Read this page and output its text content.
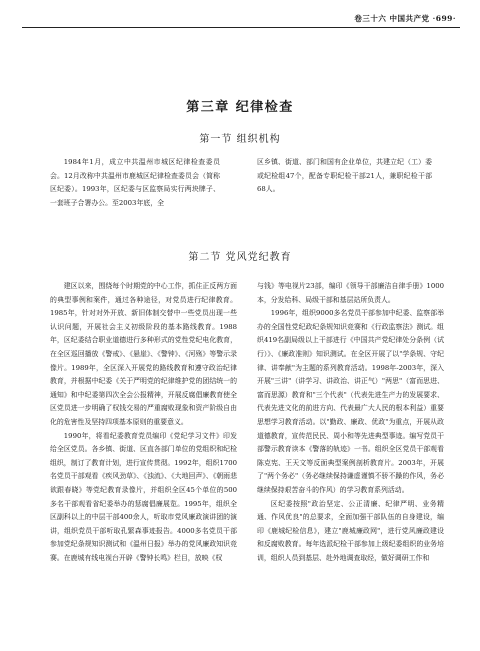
卷三十六 中国共产党 ·699·
第三章 纪律检查
第一节 组织机构

1984年1月，成立中共温州市城区纪律检查委员会。12月改称中共温州市鹿城区纪律检查委员会（简称区纪委）。1993年，区纪委与区监察局实行两块牌子、一套班子合署办公。至2003年底，全

区乡镇、街道、部门和国有企业单位，共建立纪（工）委或纪检组47个，配备专职纪检干部21人，兼职纪检干部68人。

第二节 党风党纪教育

建区以来，围绕每个时期党的中心工作，抓住正反两方面的典型事例和案件，通过各种途径，对党员进行纪律教育。1985年，针对对外开放、新旧体制交替中一些党员出现一些认识问题，开展社会主义初级阶段的基本路线教育。1988年，区纪委结合职业道德进行多种形式的党性党纪电化教育，在全区巡回播放《警戒》、《悬崖》、《警钟》、《河殇》等警示录像片。1989年，全区深入开展党的路线教育和遵守政治纪律教育，并根据中纪委《关于严明党的纪律维护党的团结统一的通知》和中纪委第四次全会公报精神，开展反腐倡廉教育使全区党员进一步明确了权钱交易的严重腐败现象和资产阶级自由化的危害性及坚持四项基本原则的重要意义。

1990年，将看纪委教育党员编印《党纪学习文件》印发给全区党员。各乡镇、街道、区直各部门单位的党组织和纪检组织，制订了教育计划，进行宣传贯彻。1992年，组织1700名党员干部观看《疾风劲草》、《浊流》、《大地回声》、《朝雨悲欲跟春晓》等党纪教育录像片，并组织全区45个单位的500多名干部观看省纪委举办的惩腐倡廉展览。1995年，组织全区副科以上的中层干部400余人，听取市党风廉政演讲团的演讲，组织党员干部听取孔繁森事迹报告。4000多名党员干部参加党纪条规知识测试和《温州日报》举办的党风廉政知识竞赛。在鹿城有线电视台开辟《警钟长鸣》栏目，放映《权

与钱》等电视片23部，编印《领导干部廉洁自律手册》1000本，分发给科、局级干部和基层站所负责人。

1996年，组织9000多名党员干部参加中纪委、监察部举办的全国性党纪政纪条规知识竞赛和《行政监察法》测试。组织419名副局级以上干部进行《中国共产党纪律处分条例（试行）》、《廉政准则》知识测试。在全区开展了以"学条规、守纪律、讲奉献"为主题的系列教育活动。1998年-2003年，深入开展"三讲"（讲学习、讲政治、讲正气）"两思"（富而思进、富而思源）教育和"三个代表"（代表先进生产力的发展要求、代表先进文化的前进方向、代表最广大人民的根本利益）重要思想学习教育活动。以"勤政、廉政、优政"为重点，开展从政道德教育，宣传范民民、周小和等先进典型事迹。编写党员干部警示教育读本《警落的轨迹》一书。组织全区党员干部观看陈克宪、王天文等反面典型案例剖析教育片。2003年，开展了"两个务必"（务必继续保持谦虚谨慎不骄不躁的作风，务必继续保持艰苦奋斗的作风）的学习教育系列活动。

区纪委按照"政治坚定、公正清廉、纪律严明、业务精通、作风优良"的总要求，全面加强干部队伍的自身建设，编印《鹿城纪检信息》，建立"鹿城廉政网"，进行党风廉政建设和反腐败教育。每年选派纪检干部参加上级纪委组织的业务培训，组织人员到基层、赴外地调查取经，做好调研工作和
